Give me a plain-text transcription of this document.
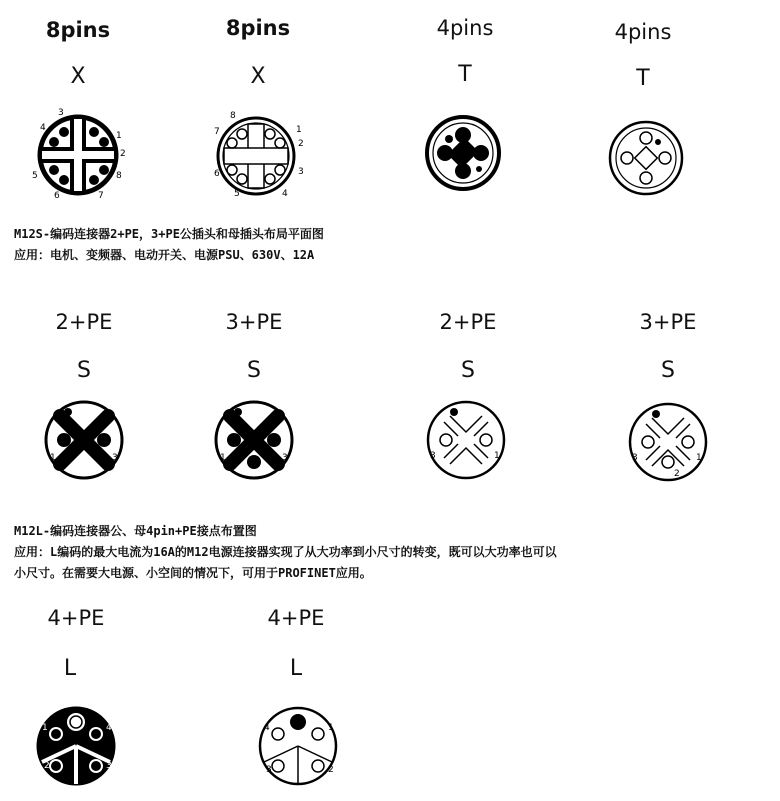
8pins
X
8pins
X
4pins
T
4pins
T
1
2
3
4
5
6	7
8
1
2
3
4
5
6
7
8
M12S-编码连接器2+PE，3+PE公插头和母插头布局平面图
应用：电机、变频器、电动开关、电源PSU、630V、12A
2+PE
S
3+PE
S
2+PE
S
3+PE
S
1	3	1	3	3	1	3
2
1
M12L-编码连接器公、母4pin+PE接点布置图
应用：L编码的最大电流为16A的M12电源连接器实现了从大功率到小尺寸的转变，既可以大功率也可以
小尺寸。在需要大电源、小空间的情况下，可用于PROFINET应用。
4+PE
L
4+PE
L
1	4
2	3
4	1
3	2
